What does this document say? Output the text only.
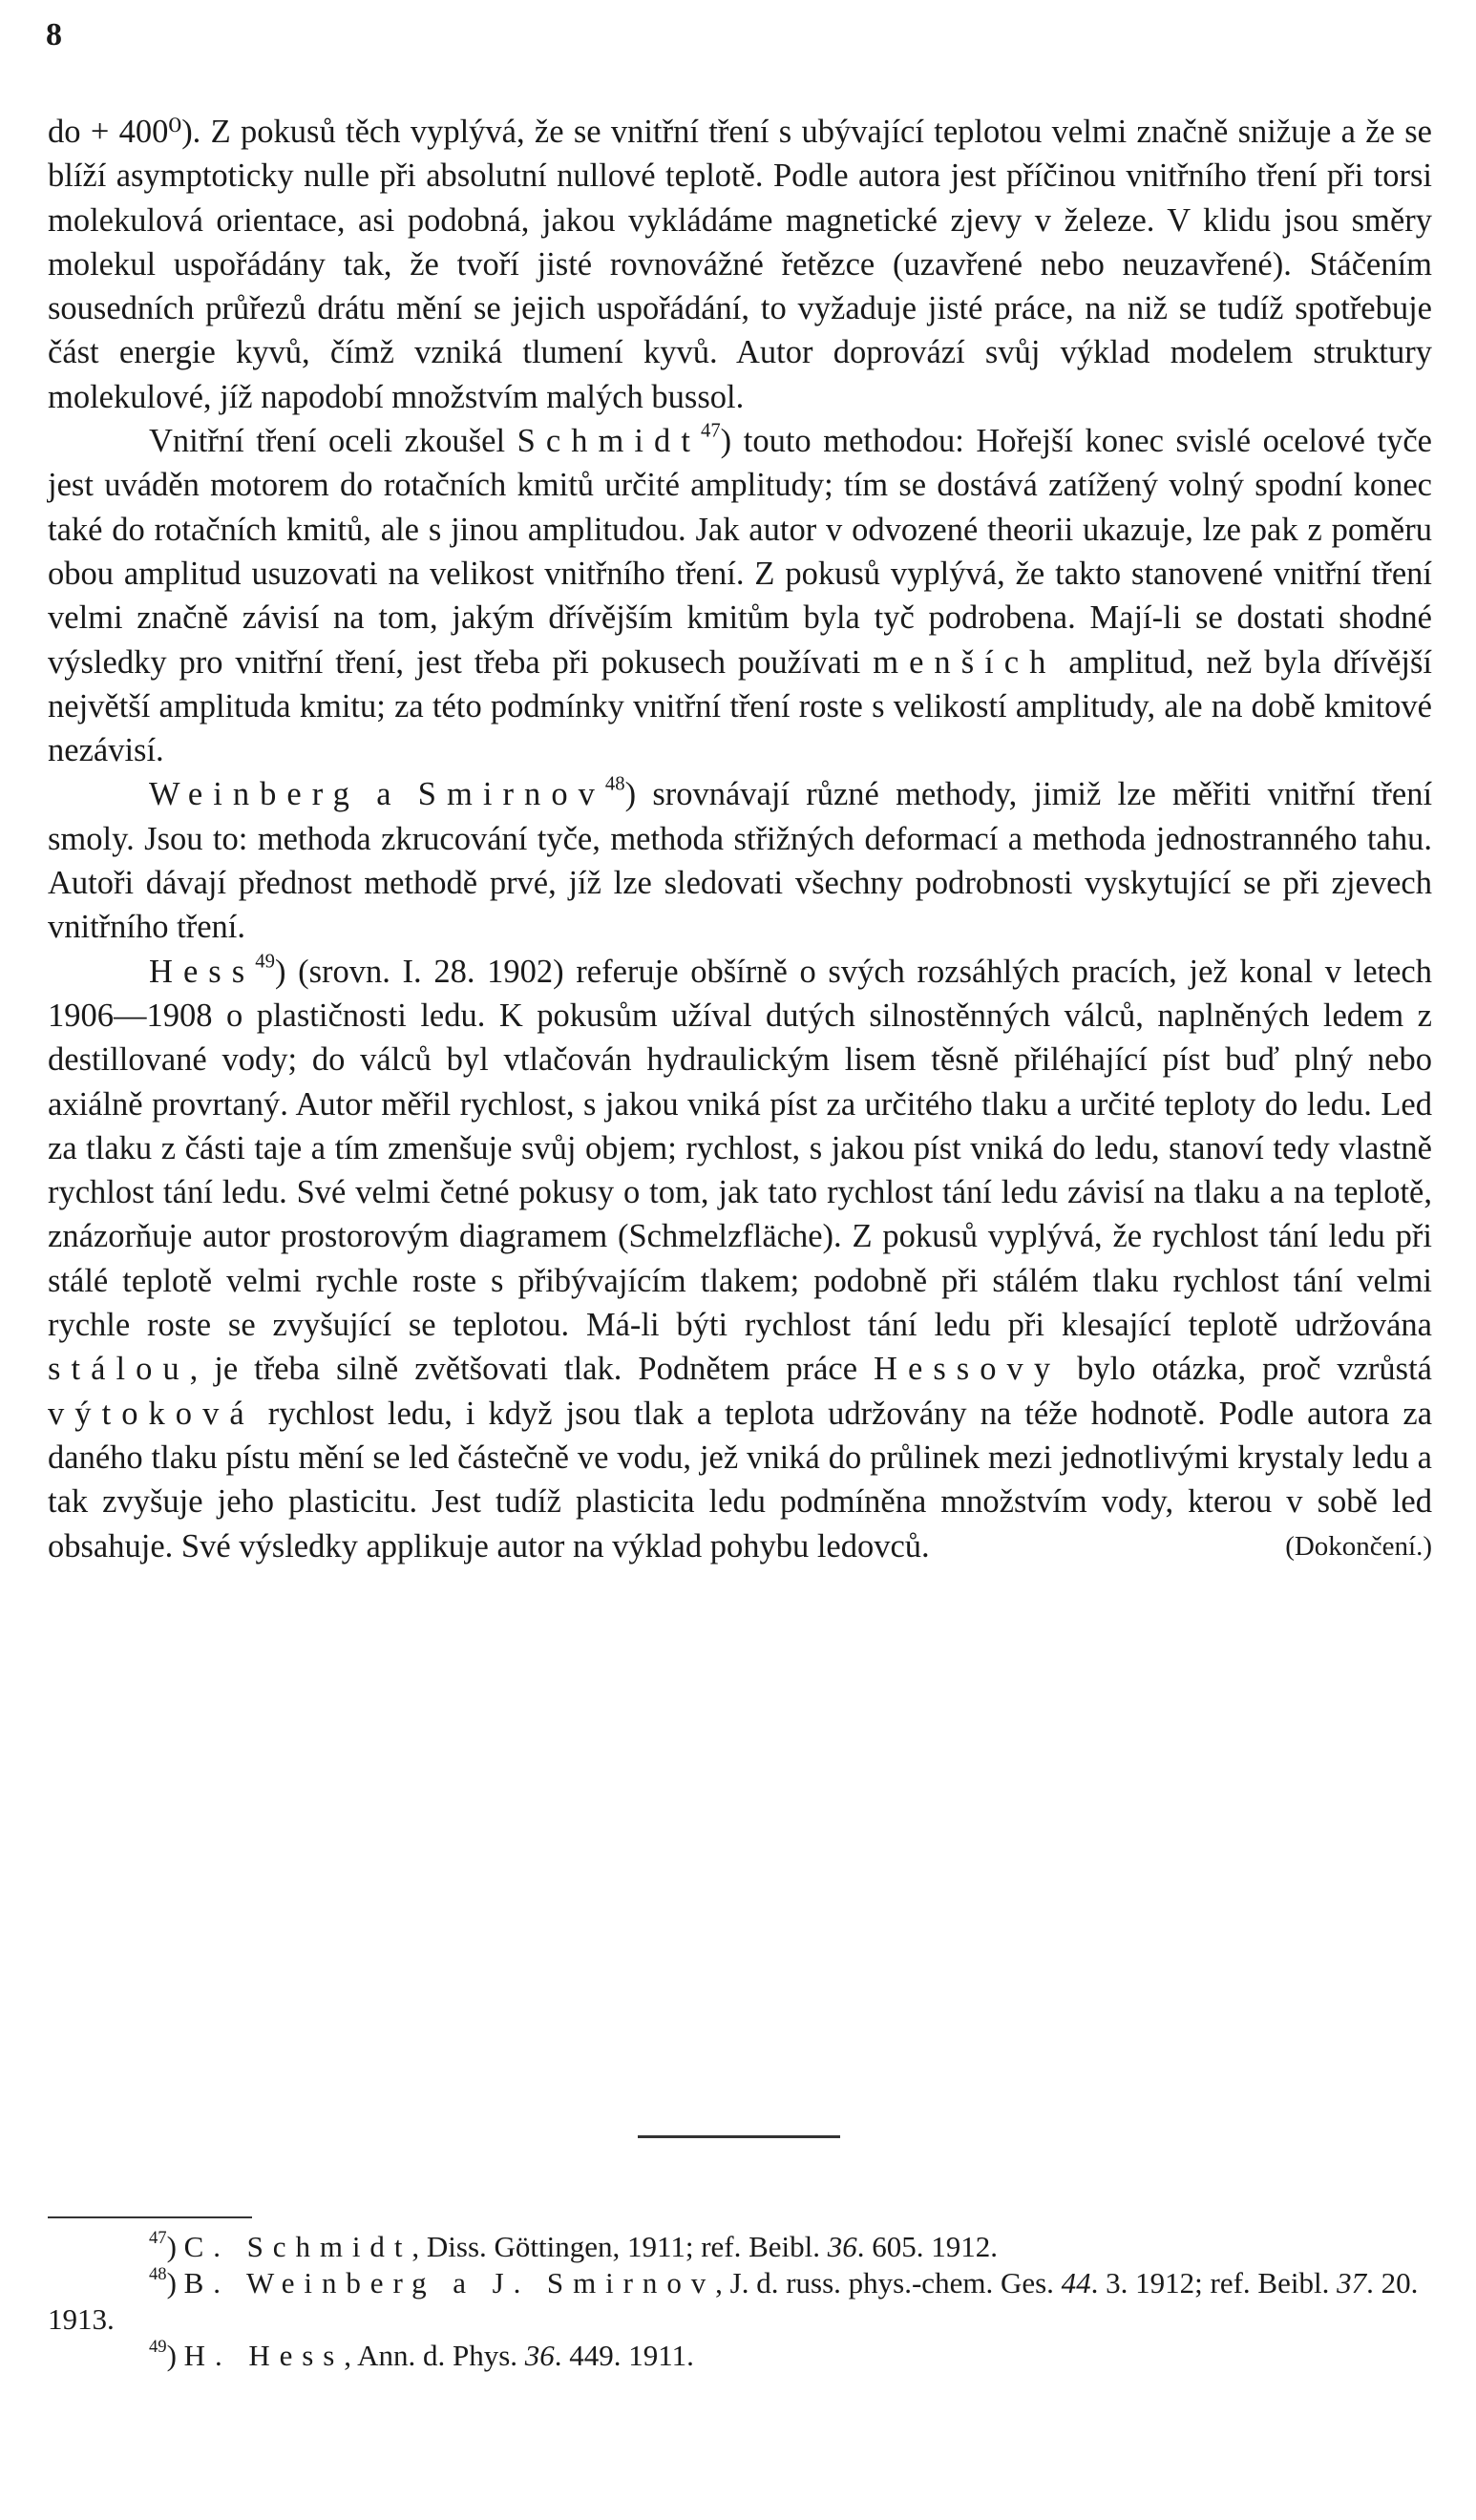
8

do + 400⁰). Z pokusů těch vyplývá, že se vnitřní tření s ubývající teplotou velmi značně snižuje a že se blíží asymptoticky nulle při absolutní nullové teplotě. Podle autora jest příčinou vnitřního tření při torsi molekulová orientace, asi podobná, jakou vykládáme magnetické zjevy v železe. V klidu jsou směry molekul uspořádány tak, že tvoří jisté rovnovážné řetězce (uzavřené nebo neuzavřené). Stáčením sousedních průřezů drátu mění se jejich uspořádání, to vyžaduje jisté práce, na niž se tudíž spotřebuje část energie kyvů, čímž vzniká tlumení kyvů. Autor doprovází svůj výklad modelem struktury molekulové, jíž napodobí množstvím malých bussol.

Vnitřní tření oceli zkoušel Schmidt$^{47}$) touto methodou: Hořejší konec svislé ocelové tyče jest uváděn motorem do rotačních kmitů určité amplitudy; tím se dostává zatížený volný spodní konec také do rotačních kmitů, ale s jinou amplitudou. Jak autor v odvozené theorii ukazuje, lze pak z poměru obou amplitud usuzovati na velikost vnitřního tření. Z pokusů vyplývá, že takto stanovené vnitřní tření velmi značně závisí na tom, jakým dřívějším kmitům byla tyč podrobena. Mají-li se dostati shodné výsledky pro vnitřní tření, jest třeba při pokusech používati menších amplitud, než byla dřívější největší amplituda kmitu; za této podmínky vnitřní tření roste s velikostí amplitudy, ale na době kmitové nezávisí.

Weinberg a Smirnov$^{48}$) srovnávají různé methody, jimiž lze měřiti vnitřní tření smoly. Jsou to: methoda zkrucování tyče, methoda střižných deformací a methoda jednostranného tahu. Autoři dávají přednost methodě prvé, jíž lze sledovati všechny podrobnosti vyskytující se při zjevech vnitřního tření.

Hess$^{49}$) (srovn. I. 28. 1902) referuje obšírně o svých rozsáhlých pracích, jež konal v letech 1906—1908 o plastičnosti ledu. K pokusům užíval dutých silnostěnných válců, naplněných ledem z destillované vody; do válců byl vtlačován hydraulickým lisem těsně přiléhající píst buď plný nebo axiálně provrtaný. Autor měřil rychlost, s jakou vniká píst za určitého tlaku a určité teploty do ledu. Led za tlaku z části taje a tím zmenšuje svůj objem; rychlost, s jakou píst vniká do ledu, stanoví tedy vlastně rychlost tání ledu. Své velmi četné pokusy o tom, jak tato rychlost tání ledu závisí na tlaku a na teplotě, znázorňuje autor prostorovým diagramem (Schmelzfläche). Z pokusů vyplývá, že rychlost tání ledu při stálé teplotě velmi rychle roste s přibývajícím tlakem; podobně při stálém tlaku rychlost tání velmi rychle roste se zvyšující se teplotou. Má-li býti rychlost tání ledu při klesající teplotě udržována stálou, je třeba silně zvětšovati tlak. Podnětem práce Hessovy bylo otázka, proč vzrůstá výtoková rychlost ledu, i když jsou tlak a teplota udržovány na téže hodnotě. Podle autora za daného tlaku pístu mění se led částečně ve vodu, jež vniká do průlinek mezi jednotlivými krystaly ledu a tak zvyšuje jeho plasticitu. Jest tudíž plasticita ledu podmíněna množstvím vody, kterou v sobě led obsahuje. Své výsledky applikuje autor na výklad pohybu ledovců.	(Dokončení.)

$^{47}$) C. Schmidt, Diss. Göttingen, 1911; ref. Beibl. 36. 605. 1912.

$^{48}$) B. Weinberg a J. Smirnov, J. d. russ. phys.-chem. Ges. 44. 3. 1912; ref. Beibl. 37. 20. 1913.

$^{49}$) H. Hess, Ann. d. Phys. 36. 449. 1911.
